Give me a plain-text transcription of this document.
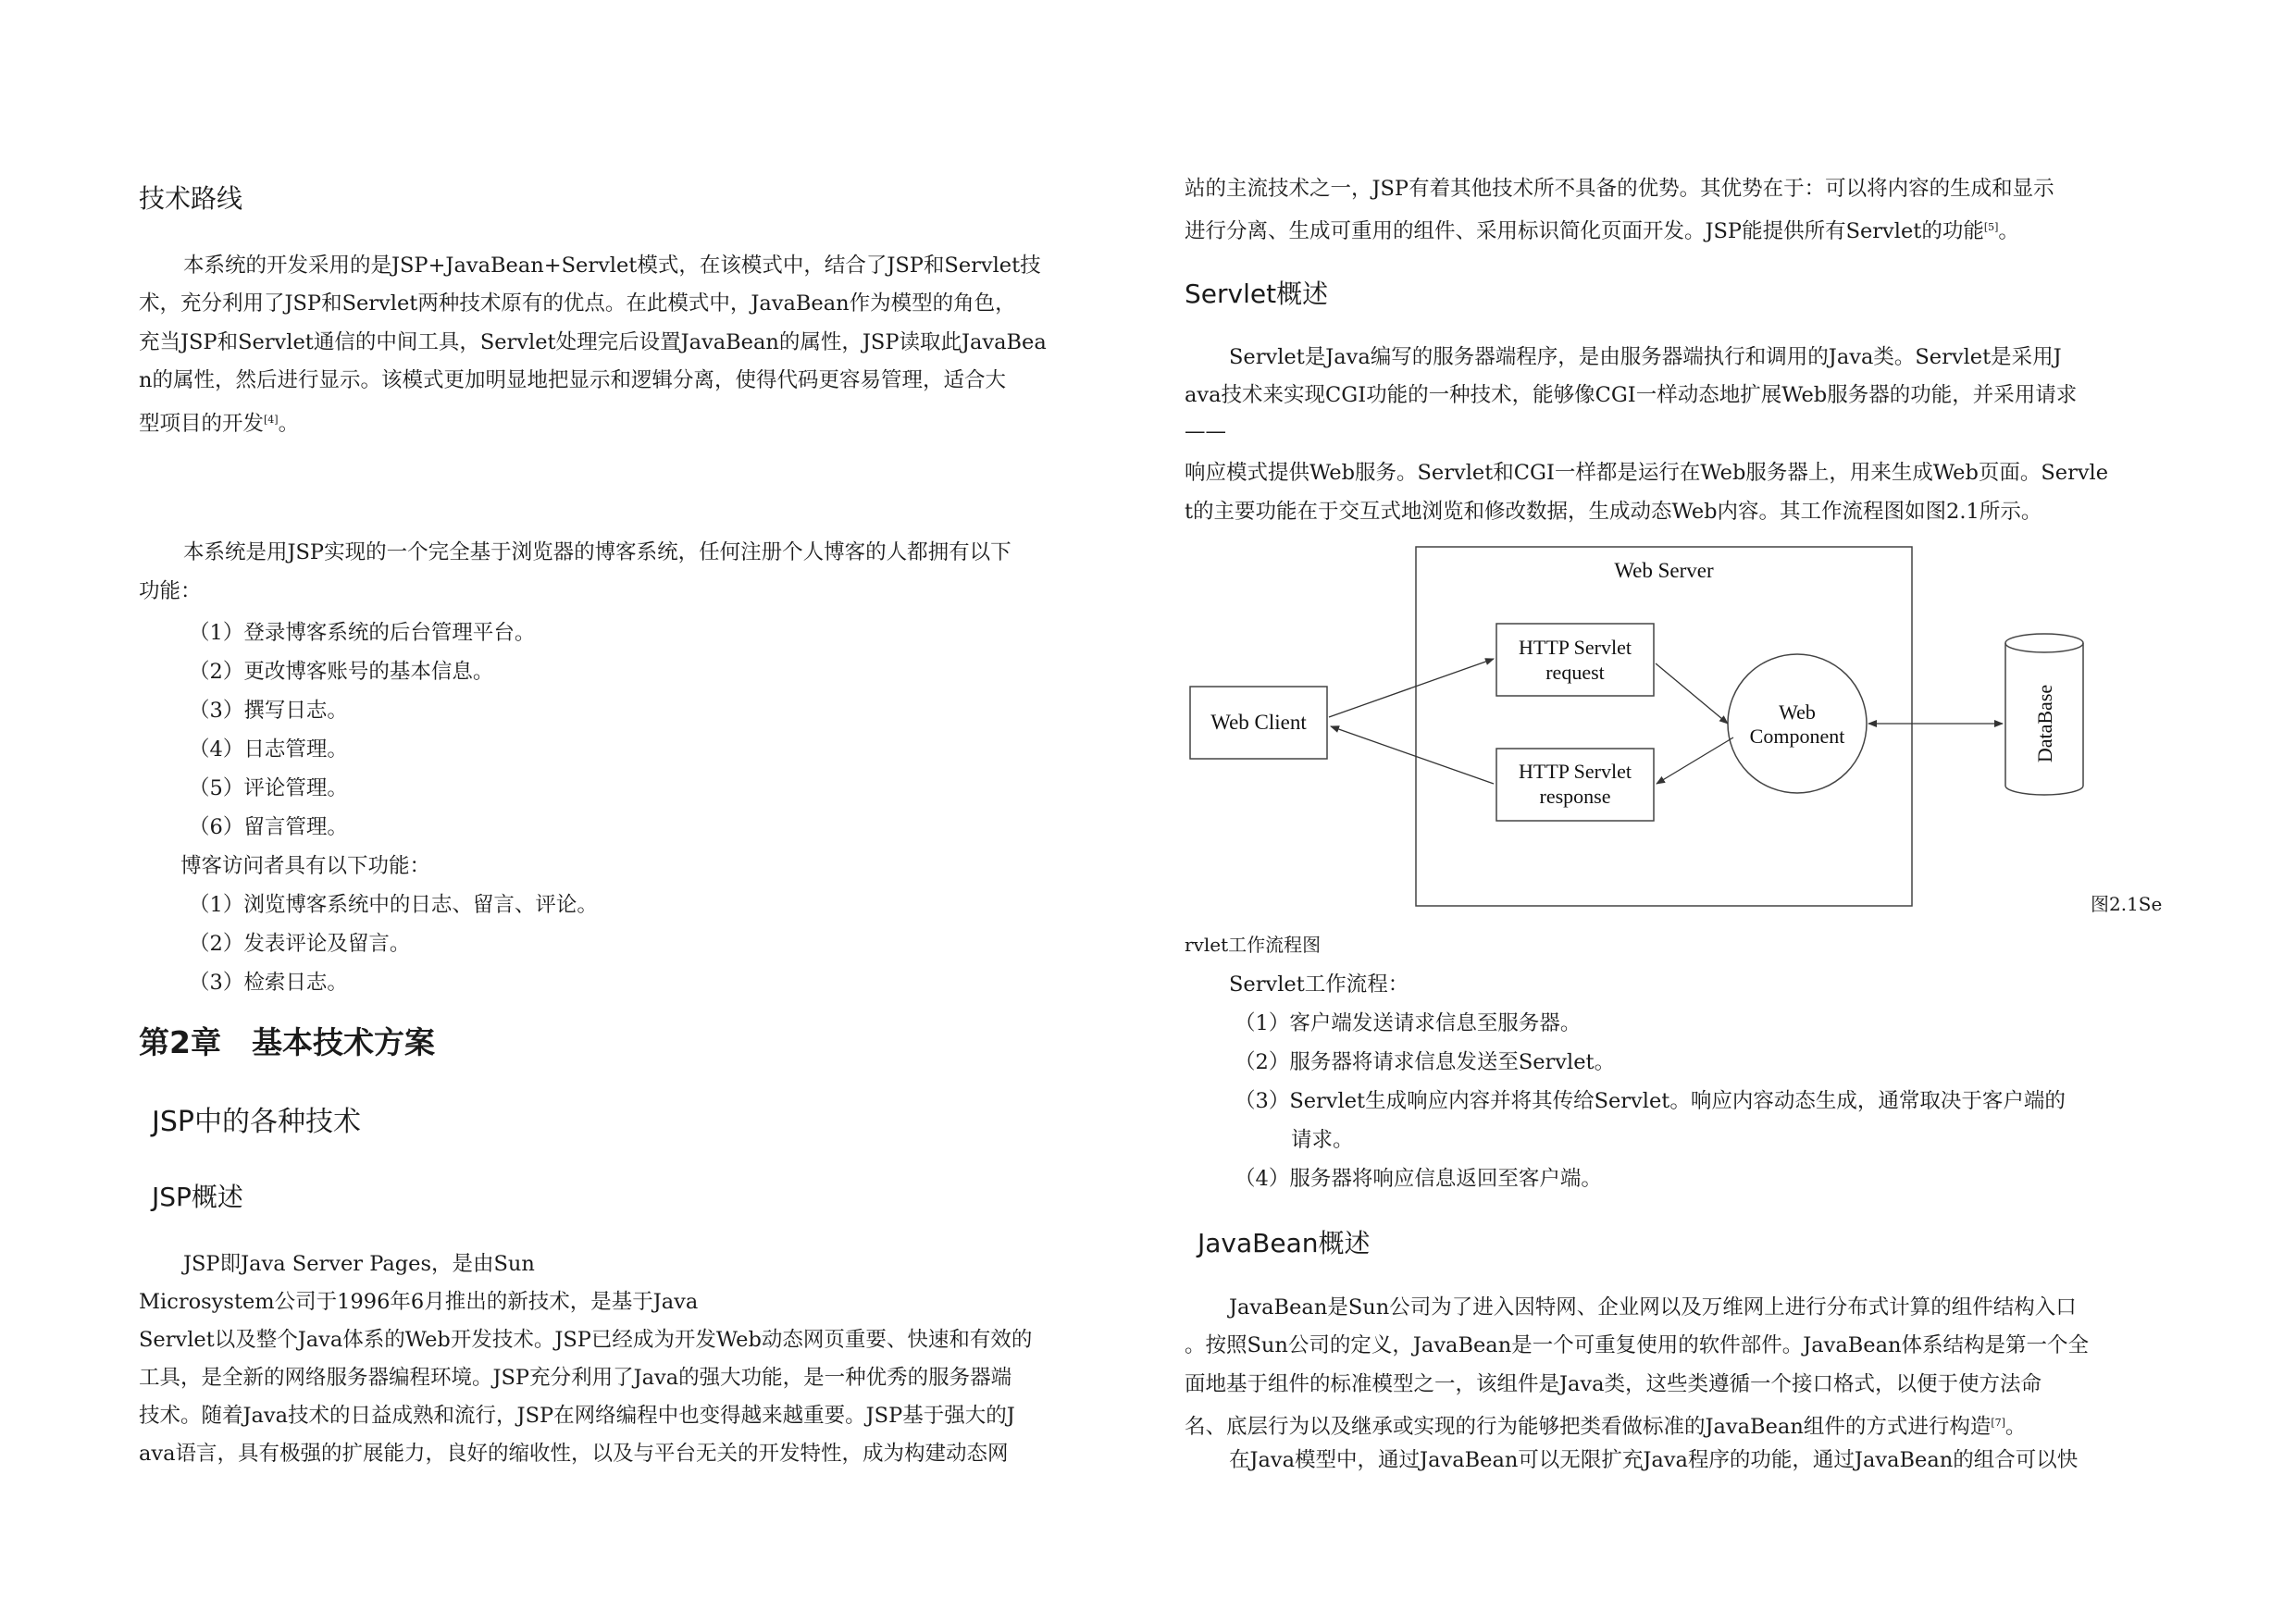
技术路线
本系统的开发采用的是JSP+JavaBean+Servlet模式，在该模式中，结合了JSP和Servlet技
术，充分利用了JSP和Servlet两种技术原有的优点。在此模式中，JavaBean作为模型的角色，
充当JSP和Servlet通信的中间工具，Servlet处理完后设置JavaBean的属性，JSP读取此JavaBea
n的属性，然后进行显示。该模式更加明显地把显示和逻辑分离，使得代码更容易管理，适合大
型项目的开发[4]。
本系统是用JSP实现的一个完全基于浏览器的博客系统，任何注册个人博客的人都拥有以下
功能：
（1）登录博客系统的后台管理平台。
（2）更改博客账号的基本信息。
（3）撰写日志。
（4）日志管理。
（5）评论管理。
（6）留言管理。
博客访问者具有以下功能：
（1）浏览博客系统中的日志、留言、评论。
（2）发表评论及留言。
（3）检索日志。
第2章　基本技术方案
JSP中的各种技术
JSP概述
JSP即Java Server Pages，是由Sun
Microsystem公司于1996年6月推出的新技术，是基于Java
Servlet以及整个Java体系的Web开发技术。JSP已经成为开发Web动态网页重要、快速和有效的
工具，是全新的网络服务器编程环境。JSP充分利用了Java的强大功能，是一种优秀的服务器端
技术。随着Java技术的日益成熟和流行，JSP在网络编程中也变得越来越重要。JSP基于强大的J
ava语言，具有极强的扩展能力，良好的缩收性，以及与平台无关的开发特性，成为构建动态网
站的主流技术之一，JSP有着其他技术所不具备的优势。其优势在于：可以将内容的生成和显示
进行分离、生成可重用的组件、采用标识简化页面开发。JSP能提供所有Servlet的功能[5]。
Servlet概述
Servlet是Java编写的服务器端程序，是由服务器端执行和调用的Java类。Servlet是采用J
ava技术来实现CGI功能的一种技术，能够像CGI一样动态地扩展Web服务器的功能，并采用请求
——
响应模式提供Web服务。Servlet和CGI一样都是运行在Web服务器上，用来生成Web页面。Servle
t的主要功能在于交互式地浏览和修改数据，生成动态Web内容。其工作流程图如图2.1所示。
Web Server
Web Client
HTTP Servlet
request
HTTP Servlet
response
Web
Component	DataBase
图2.1Se
rvlet工作流程图
Servlet工作流程：
（1）客户端发送请求信息至服务器。
（2）服务器将请求信息发送至Servlet。
（3）Servlet生成响应内容并将其传给Servlet。响应内容动态生成，通常取决于客户端的
请求。
（4）服务器将响应信息返回至客户端。
JavaBean概述
JavaBean是Sun公司为了进入因特网、企业网以及万维网上进行分布式计算的组件结构入口
。按照Sun公司的定义，JavaBean是一个可重复使用的软件部件。JavaBean体系结构是第一个全
面地基于组件的标准模型之一，该组件是Java类，这些类遵循一个接口格式，以便于使方法命
名、底层行为以及继承或实现的行为能够把类看做标准的JavaBean组件的方式进行构造[7]。
在Java模型中，通过JavaBean可以无限扩充Java程序的功能，通过JavaBean的组合可以快
